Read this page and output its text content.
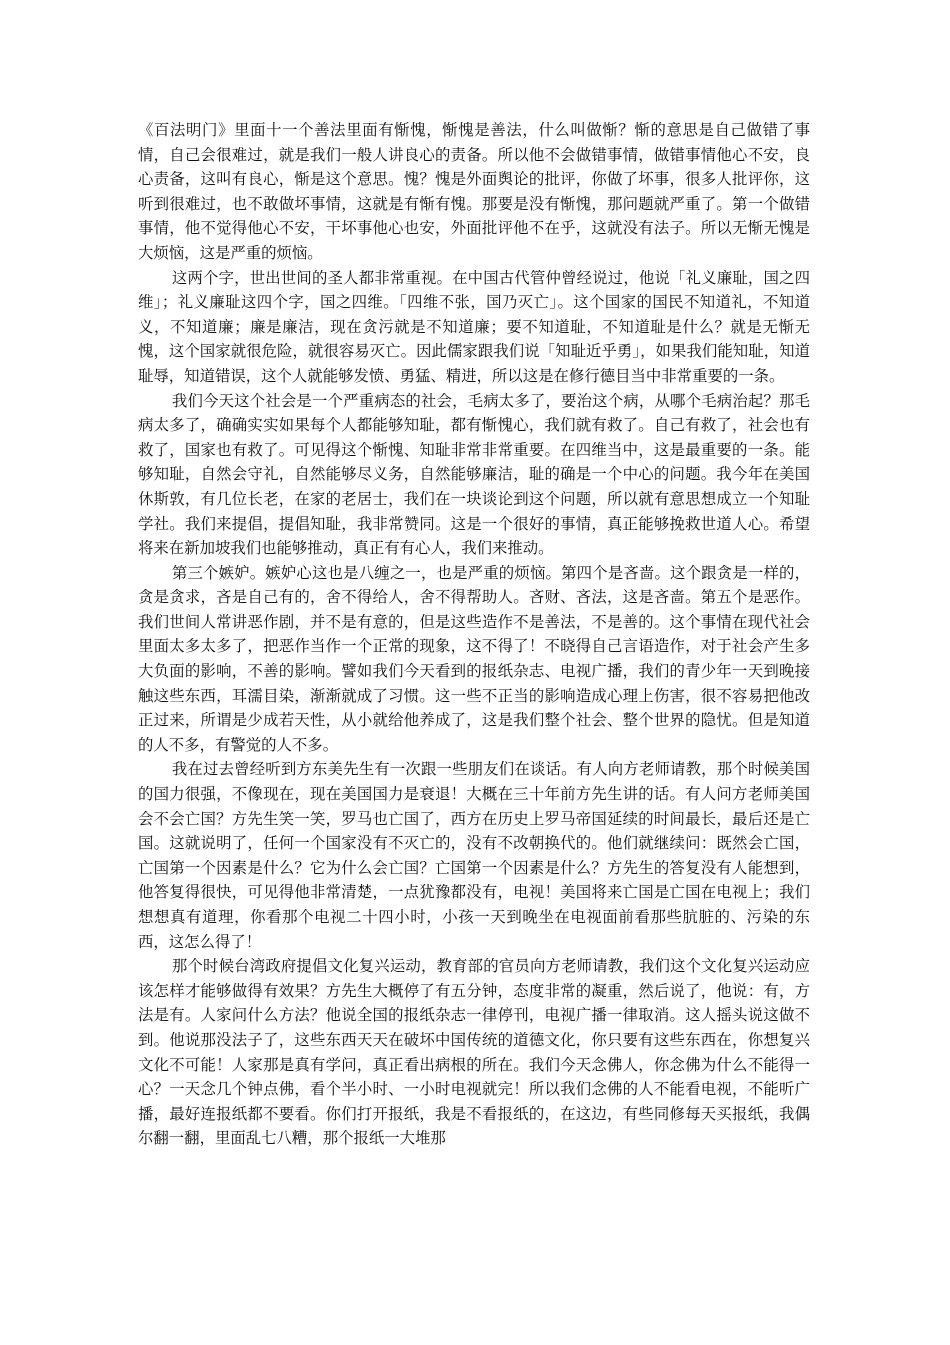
《百法明门》里面十一个善法里面有惭愧，惭愧是善法，什么叫做惭？惭的意思是自己做错了事情，自己会很难过，就是我们一般人讲良心的责备。所以他不会做错事情，做错事情他心不安，良心责备，这叫有良心，惭是这个意思。愧？愧是外面舆论的批评，你做了坏事，很多人批评你，这听到很难过，也不敢做坏事情，这就是有惭有愧。那要是没有惭愧，那问题就严重了。第一个做错事情，他不觉得他心不安，干坏事他心也安，外面批评他不在乎，这就没有法子。所以无惭无愧是大烦恼，这是严重的烦恼。

这两个字，世出世间的圣人都非常重视。在中国古代管仲曾经说过，他说「礼义廉耻，国之四维」；礼义廉耻这四个字，国之四维。「四维不张，国乃灭亡」。这个国家的国民不知道礼，不知道义，不知道廉；廉是廉洁，现在贪污就是不知道廉；要不知道耻，不知道耻是什么？就是无惭无愧，这个国家就很危险，就很容易灭亡。因此儒家跟我们说「知耻近乎勇」，如果我们能知耻，知道耻辱，知道错误，这个人就能够发愤、勇猛、精进，所以这是在修行德目当中非常重要的一条。

我们今天这个社会是一个严重病态的社会，毛病太多了，要治这个病，从哪个毛病治起？那毛病太多了，确确实实如果每个人都能够知耻，都有惭愧心，我们就有救了。自己有救了，社会也有救了，国家也有救了。可见得这个惭愧、知耻非常非常重要。在四维当中，这是最重要的一条。能够知耻，自然会守礼，自然能够尽义务，自然能够廉洁，耻的确是一个中心的问题。我今年在美国休斯敦，有几位长老，在家的老居士，我们在一块谈论到这个问题，所以就有意思想成立一个知耻学社。我们来提倡，提倡知耻，我非常赞同。这是一个很好的事情，真正能够挽救世道人心。希望将来在新加坡我们也能够推动，真正有有心人，我们来推动。

第三个嫉妒。嫉妒心这也是八缠之一，也是严重的烦恼。第四个是吝啬。这个跟贪是一样的，贪是贪求，吝是自己有的，舍不得给人，舍不得帮助人。吝财、吝法，这是吝啬。第五个是恶作。我们世间人常讲恶作剧，并不是有意的，但是这些造作不是善法，不是善的。这个事情在现代社会里面太多太多了，把恶作当作一个正常的现象，这不得了！不晓得自己言语造作，对于社会产生多大负面的影响，不善的影响。譬如我们今天看到的报纸杂志、电视广播，我们的青少年一天到晚接触这些东西，耳濡目染，渐渐就成了习惯。这一些不正当的影响造成心理上伤害，很不容易把他改正过来，所谓是少成若天性，从小就给他养成了，这是我们整个社会、整个世界的隐忧。但是知道的人不多，有警觉的人不多。

我在过去曾经听到方东美先生有一次跟一些朋友们在谈话。有人向方老师请教，那个时候美国的国力很强，不像现在，现在美国国力是衰退！大概在三十年前方先生讲的话。有人问方老师美国会不会亡国？方先生笑一笑，罗马也亡国了，西方在历史上罗马帝国延续的时间最长，最后还是亡国。这就说明了，任何一个国家没有不灭亡的，没有不改朝换代的。他们就继续问：既然会亡国，亡国第一个因素是什么？它为什么会亡国？亡国第一个因素是什么？方先生的答复没有人能想到，他答复得很快，可见得他非常清楚，一点犹豫都没有，电视！美国将来亡国是亡国在电视上；我们想想真有道理，你看那个电视二十四小时，小孩一天到晚坐在电视面前看那些肮脏的、污染的东西，这怎么得了！

那个时候台湾政府提倡文化复兴运动，教育部的官员向方老师请教，我们这个文化复兴运动应该怎样才能够做得有效果？方先生大概停了有五分钟，态度非常的凝重，然后说了，他说：有，方法是有。人家问什么方法？他说全国的报纸杂志一律停刊，电视广播一律取消。这人摇头说这做不到。他说那没法子了，这些东西天天在破坏中国传统的道德文化，你只要有这些东西在，你想复兴文化不可能！人家那是真有学问，真正看出病根的所在。我们今天念佛人，你念佛为什么不能得一心？一天念几个钟点佛，看个半小时、一小时电视就完！所以我们念佛的人不能看电视，不能听广播，最好连报纸都不要看。你们打开报纸，我是不看报纸的，在这边，有些同修每天买报纸，我偶尔翻一翻，里面乱七八糟，那个报纸一大堆那
